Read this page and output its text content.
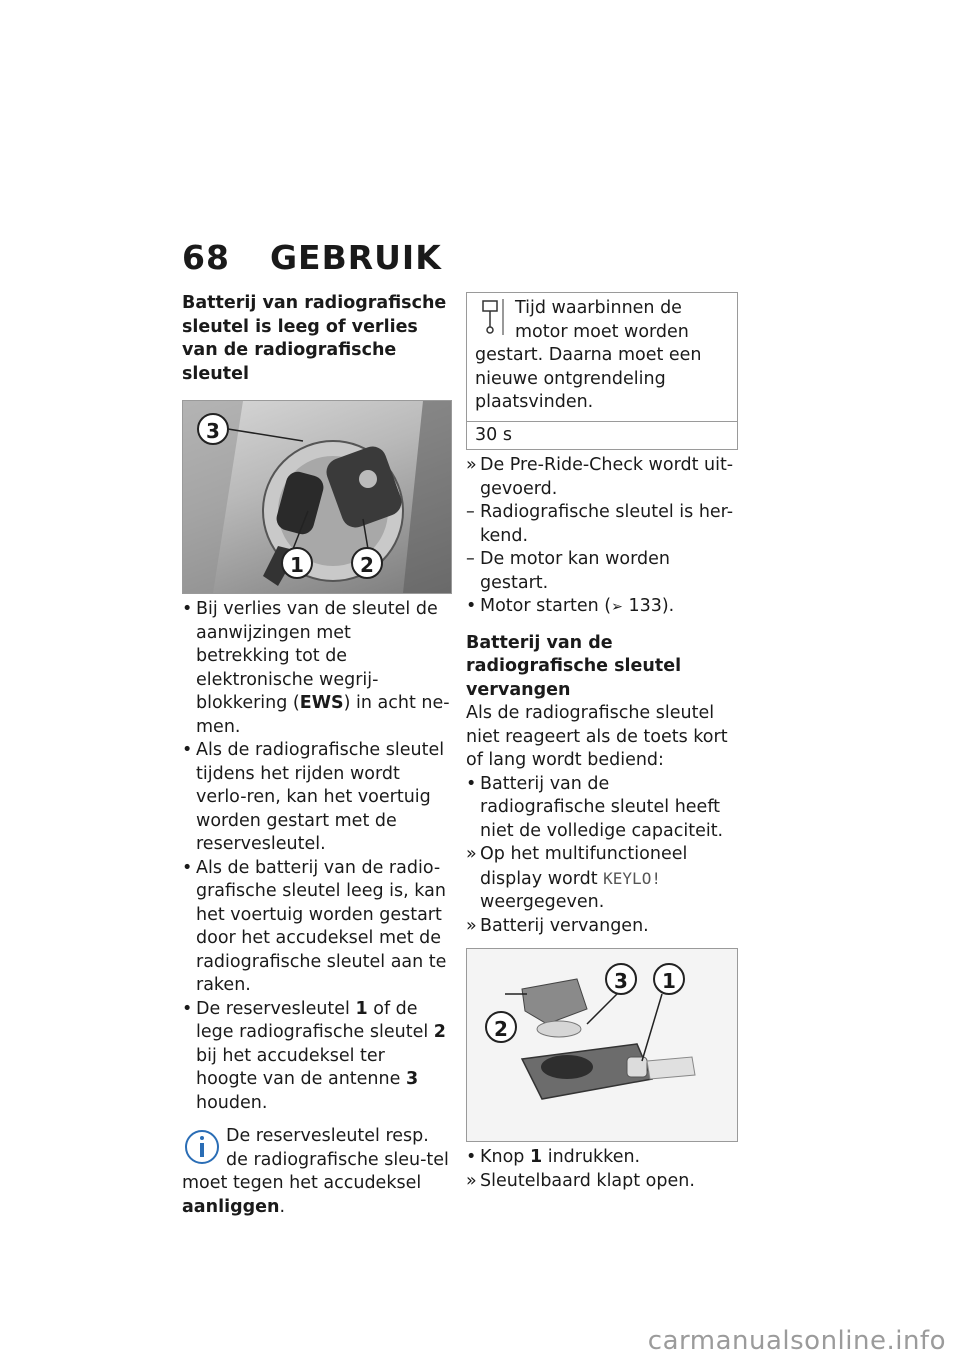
68 GEBRUIK

Batterij van radiografische sleutel is leeg of verlies van de radiografische sleutel

3
1	2
• Bij verlies van de sleutel de aanwijzingen met betrekking tot de elektronische wegrij-blokkering (EWS) in acht ne-men.
• Als de radiografische sleutel tijdens het rijden wordt verlo-ren, kan het voertuig worden gestart met de reservesleutel.
• Als de batterij van de radio-grafische sleutel leeg is, kan het voertuig worden gestart door het accudeksel met de radiografische sleutel aan te raken.
• De reservesleutel 1 of de lege radiografische sleutel 2 bij het accudeksel ter hoogte van de antenne 3 houden.
De reservesleutel resp. de radiografische sleu-tel moet tegen het accudeksel aanliggen.
Tijd waarbinnen de motor moet worden gestart. Daarna moet een nieuwe ontgrendeling plaatsvinden.
30 s
» De Pre-Ride-Check wordt uit-gevoerd.
– Radiografische sleutel is her-kend.
– De motor kan worden gestart.
• Motor starten (➢ 133).

Batterij van de radiografische sleutel vervangen

Als de radiografische sleutel niet reageert als de toets kort of lang wordt bediend:
• Batterij van de radiografische sleutel heeft niet de volledige capaciteit.
» Op het multifunctioneel display wordt KEYLO! weergegeven.
» Batterij vervangen.
3	1
2
• Knop 1 indrukken.
» Sleutelbaard klapt open.
carmanualsonline.info
